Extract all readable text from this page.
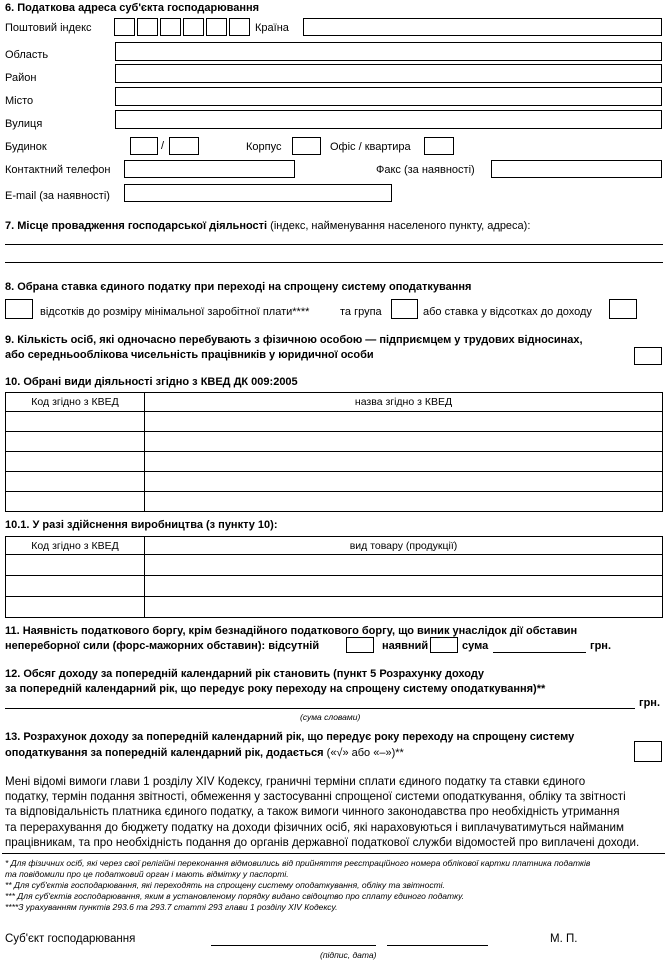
6. Податкова адреса суб'єкта господарювання
Поштовий індекс	Країна
Область
Район
Місто
Вулиця
Будинок	/	Корпус	Офіс / квартира
Контактний телефон	Факс (за наявності)
E-mail (за наявності)
7. Місце провадження господарської діяльності (індекс, найменування населеного пункту, адреса):
8. Обрана ставка єдиного податку при переході на спрощену систему оподаткування
відсотків до розміру мінімальної заробітної плати****	та група	або ставка у відсотках до доходу
9. Кількість осіб, які одночасно перебувають з фізичною особою — підприємцем у трудових відносинах,
або середньооблікова чисельність працівників у юридичної особи
10. Обрані види діяльності згідно з КВЕД ДК 009:2005
Код згідно з КВЕД	назва згідно з КВЕД

10.1. У разі здійснення виробництва (з пункту 10):
Код згідно з КВЕД	вид товару (продукції)

11. Наявність податкового боргу, крім безнадійного податкового боргу, що виник унаслідок дії обставин
непереборної сили (форс-мажорних обставин): відсутній	наявний	сума	грн.
12. Обсяг доходу за попередній календарний рік становить (пункт 5 Розрахунку доходу
за попередній календарний рік, що передує року переходу на спрощену систему оподаткування)**
грн.
(сума словами)
13. Розрахунок доходу за попередній календарний рік, що передує року переходу на спрощену систему
оподаткування за попередній календарний рік, додається («√» або «–»)**
Мені відомі вимоги глави 1 розділу XIV Кодексу, граничні терміни сплати єдиного податку та ставки єдиного
податку, термін подання звітності, обмеження у застосуванні спрощеної системи оподаткування, обліку та звітності
та відповідальність платника єдиного податку, а також вимоги чинного законодавства про необхідність утримання
та перерахування до бюджету податку на доходи фізичних осіб, які нараховуються і виплачуватимуться найманим
працівникам, та про необхідність подання до органів державної податкової служби відомостей про виплачені доходи.
* Для фізичних осіб, які через свої релігійні переконання відмовились від прийняття реєстраційного номера облікової картки платника податків
та повідомили про це податковий орган і мають відмітку у паспорті.
** Для суб'єктів господарювання, які переходять на спрощену систему оподаткування, обліку та звітності.
*** Для суб'єктів господарювання, яким в установленому порядку видано свідоцтво про сплату єдиного податку.
****З урахуванням пунктів 293.6 та 293.7 статті 293 глави 1 розділу XIV Кодексу.
Суб'єкт господарювання
(підпис, дата)
М. П.
